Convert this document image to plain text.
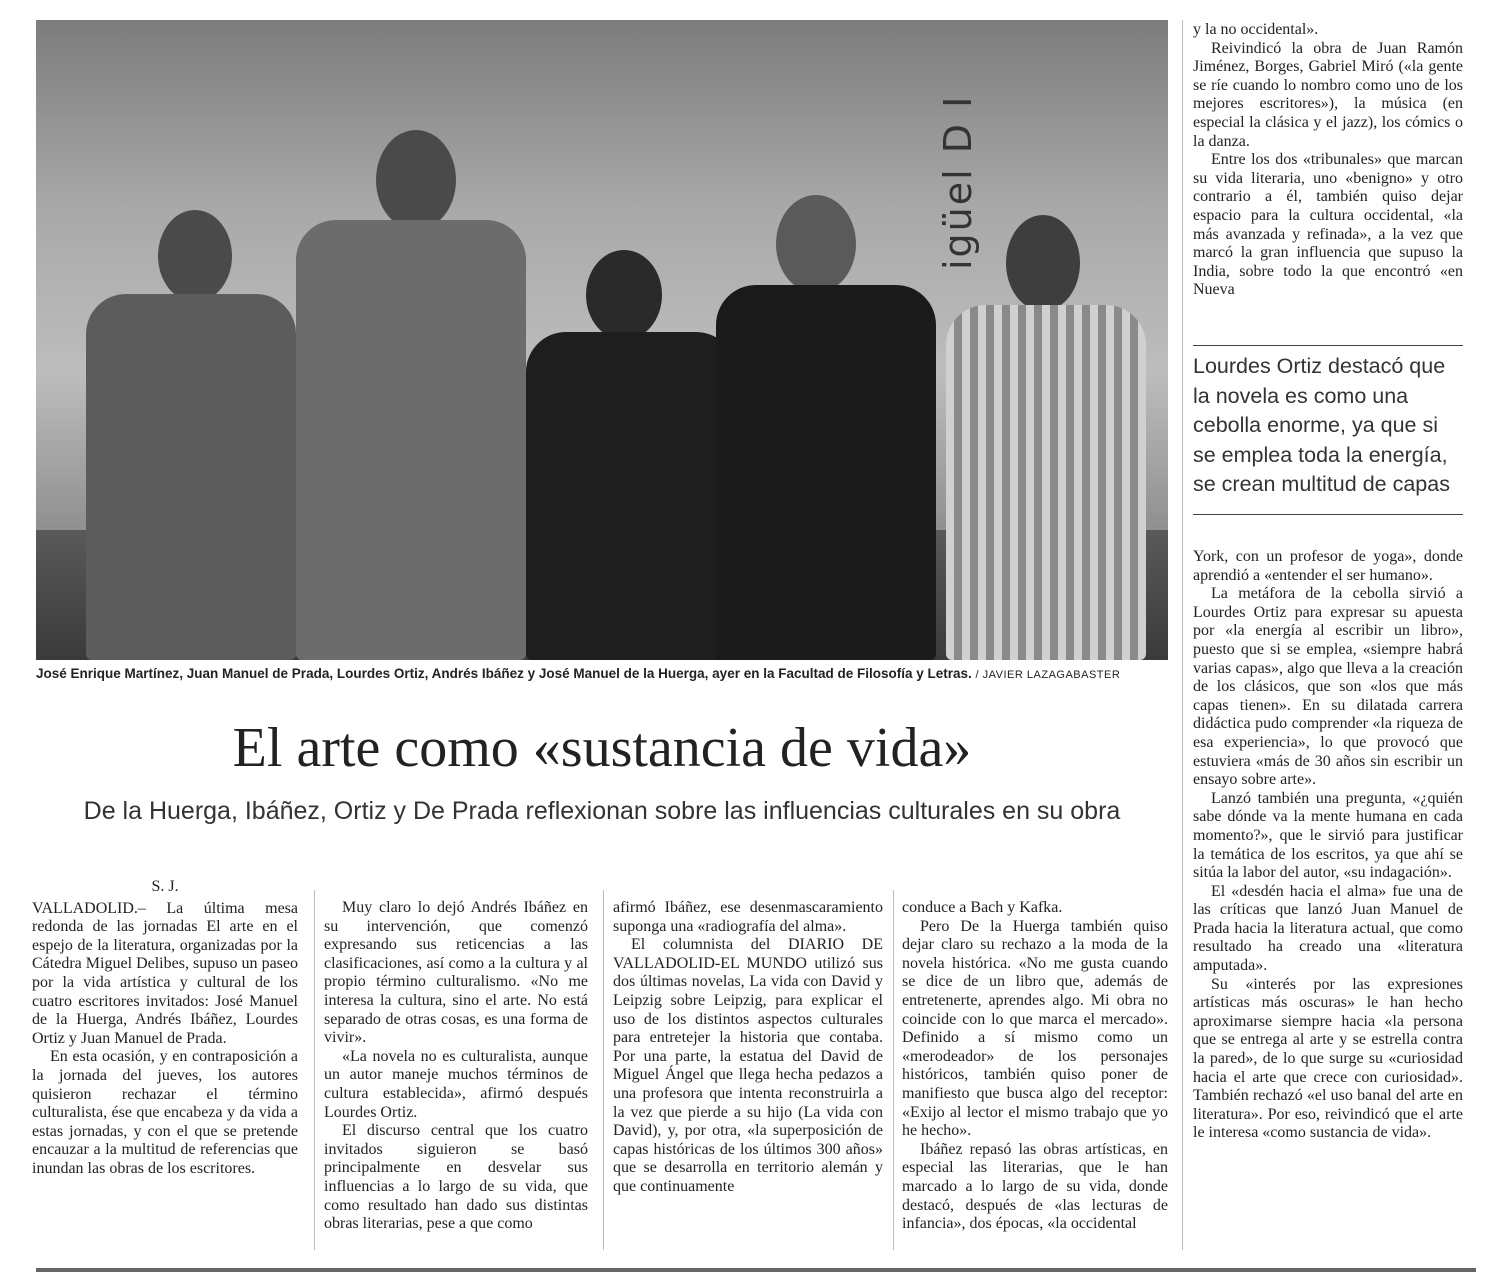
igüel D I
José Enrique Martínez, Juan Manuel de Prada, Lourdes Ortiz, Andrés Ibáñez y José Manuel de la Huerga, ayer en la Facultad de Filosofía y Letras. / JAVIER LAZAGABASTER
El arte como «sustancia de vida»
De la Huerga, Ibáñez, Ortiz y De Prada reflexionan sobre las influencias culturales en su obra

S. J.

VALLADOLID.– La última mesa redonda de las jornadas El arte en el espejo de la literatura, organizadas por la Cátedra Miguel Delibes, supuso un paseo por la vida artística y cultural de los cuatro escritores invitados: José Manuel de la Huerga, Andrés Ibáñez, Lourdes Ortiz y Juan Manuel de Prada.

En esta ocasión, y en contraposición a la jornada del jueves, los autores quisieron rechazar el término culturalista, ése que encabeza y da vida a estas jornadas, y con el que se pretende encauzar a la multitud de referencias que inundan las obras de los escritores.

Muy claro lo dejó Andrés Ibáñez en su intervención, que comenzó expresando sus reticencias a las clasificaciones, así como a la cultura y al propio término culturalismo. «No me interesa la cultura, sino el arte. No está separado de otras cosas, es una forma de vivir».

«La novela no es culturalista, aunque un autor maneje muchos términos de cultura establecida», afirmó después Lourdes Ortiz.

El discurso central que los cuatro invitados siguieron se basó principalmente en desvelar sus influencias a lo largo de su vida, que como resultado han dado sus distintas obras literarias, pese a que como

afirmó Ibáñez, ese desenmascaramiento suponga una «radiografía del alma».

El columnista del DIARIO DE VALLADOLID-EL MUNDO utilizó sus dos últimas novelas, La vida con David y Leipzig sobre Leipzig, para explicar el uso de los distintos aspectos culturales para entretejer la historia que contaba. Por una parte, la estatua del David de Miguel Ángel que llega hecha pedazos a una profesora que intenta reconstruirla a la vez que pierde a su hijo (La vida con David), y, por otra, «la superposición de capas históricas de los últimos 300 años» que se desarrolla en territorio alemán y que continuamente

conduce a Bach y Kafka.

Pero De la Huerga también quiso dejar claro su rechazo a la moda de la novela histórica. «No me gusta cuando se dice de un libro que, además de entretenerte, aprendes algo. Mi obra no coincide con lo que marca el mercado». Definido a sí mismo como un «merodeador» de los personajes históricos, también quiso poner de manifiesto que busca algo del receptor: «Exijo al lector el mismo trabajo que yo he hecho».

Ibáñez repasó las obras artísticas, en especial las literarias, que le han marcado a lo largo de su vida, donde destacó, después de «las lecturas de infancia», dos épocas, «la occidental

y la no occidental».

Reivindicó la obra de Juan Ramón Jiménez, Borges, Gabriel Miró («la gente se ríe cuando lo nombro como uno de los mejores escritores»), la música (en especial la clásica y el jazz), los cómics o la danza.

Entre los dos «tribunales» que marcan su vida literaria, uno «benigno» y otro contrario a él, también quiso dejar espacio para la cultura occidental, «la más avanzada y refinada», a la vez que marcó la gran influencia que supuso la India, sobre todo la que encontró «en Nueva

Lourdes Ortiz destacó que la novela es como una cebolla enorme, ya que si se emplea toda la energía, se crean multitud de capas

York, con un profesor de yoga», donde aprendió a «entender el ser humano».

La metáfora de la cebolla sirvió a Lourdes Ortiz para expresar su apuesta por «la energía al escribir un libro», puesto que si se emplea, «siempre habrá varias capas», algo que lleva a la creación de los clásicos, que son «los que más capas tienen». En su dilatada carrera didáctica pudo comprender «la riqueza de esa experiencia», lo que provocó que estuviera «más de 30 años sin escribir un ensayo sobre arte».

Lanzó también una pregunta, «¿quién sabe dónde va la mente humana en cada momento?», que le sirvió para justificar la temática de los escritos, ya que ahí se sitúa la labor del autor, «su indagación».

El «desdén hacia el alma» fue una de las críticas que lanzó Juan Manuel de Prada hacia la literatura actual, que como resultado ha creado una «literatura amputada».

Su «interés por las expresiones artísticas más oscuras» le han hecho aproximarse siempre hacia «la persona que se entrega al arte y se estrella contra la pared», de lo que surge su «curiosidad hacia el arte que crece con curiosidad». También rechazó «el uso banal del arte en literatura». Por eso, reivindicó que el arte le interesa «como sustancia de vida».
